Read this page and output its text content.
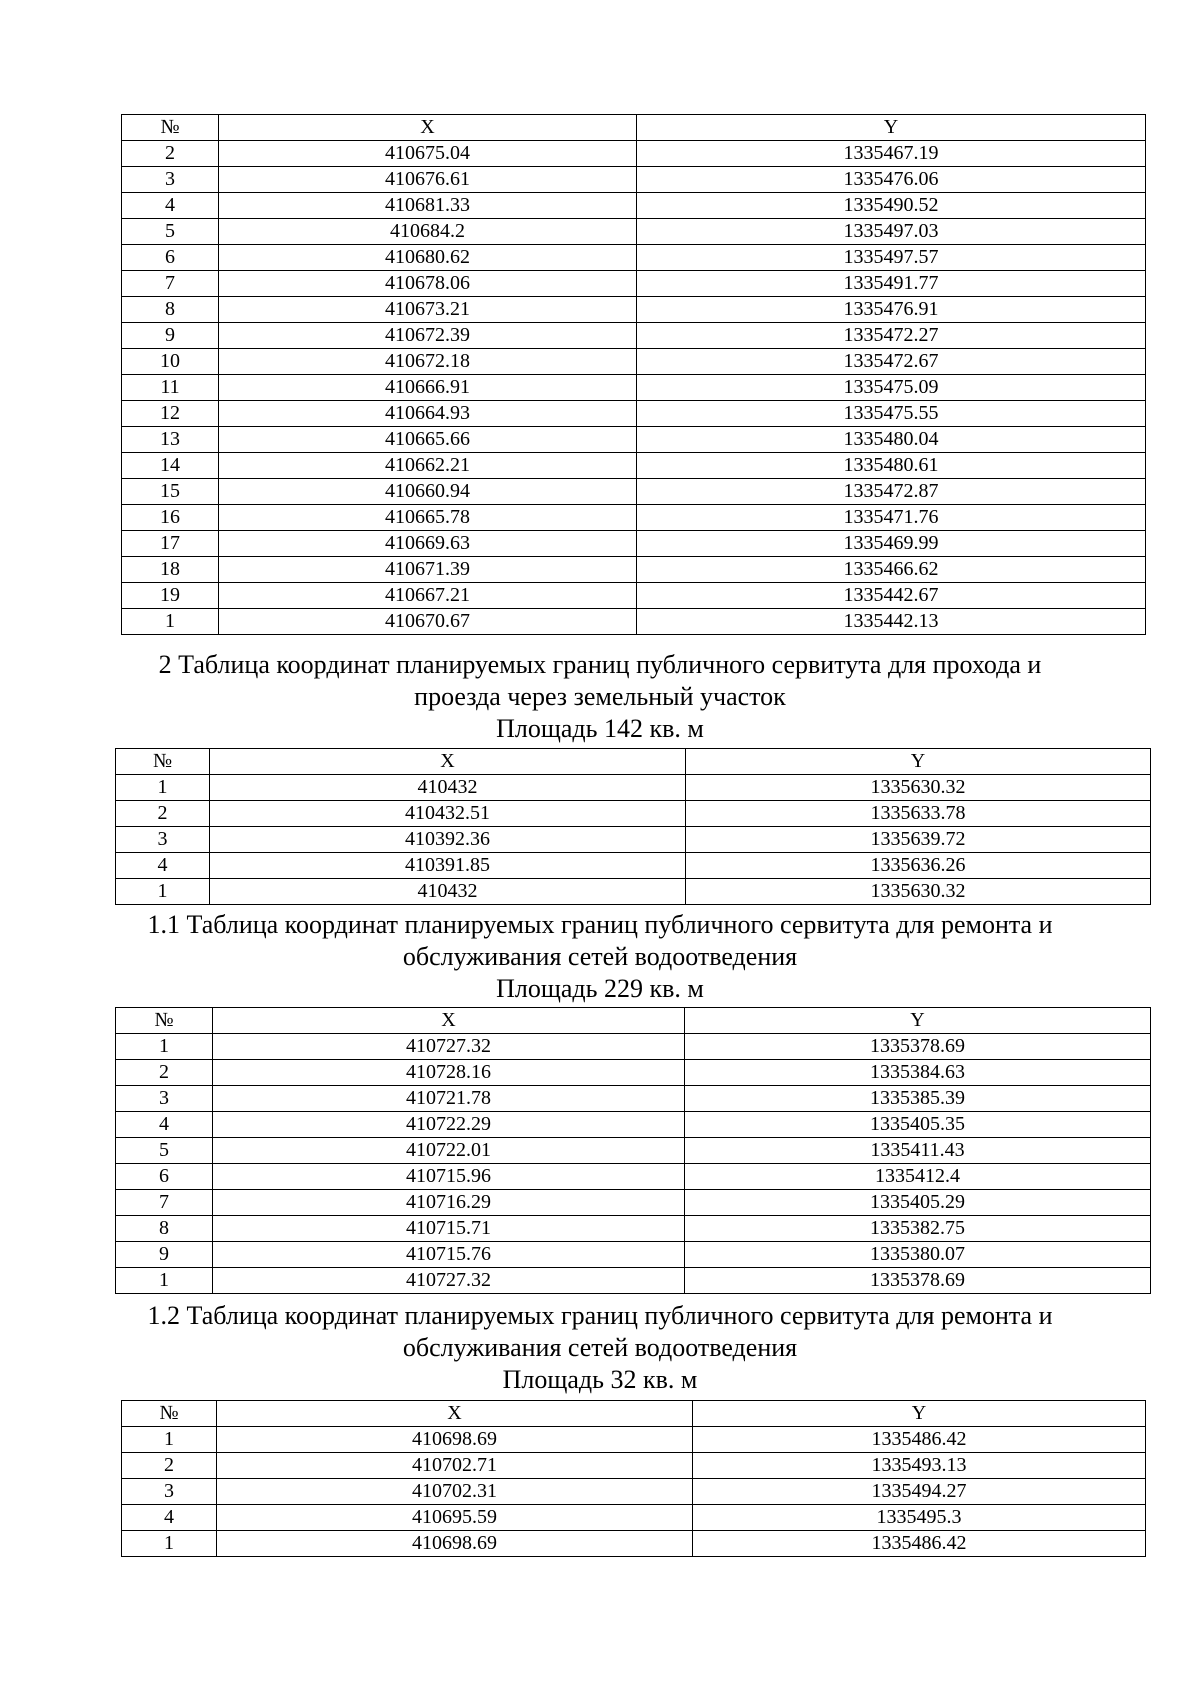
№	X	Y
2	410675.04	1335467.19
3	410676.61	1335476.06
4	410681.33	1335490.52
5	410684.2	1335497.03
6	410680.62	1335497.57
7	410678.06	1335491.77
8	410673.21	1335476.91
9	410672.39	1335472.27
10	410672.18	1335472.67
11	410666.91	1335475.09
12	410664.93	1335475.55
13	410665.66	1335480.04
14	410662.21	1335480.61
15	410660.94	1335472.87
16	410665.78	1335471.76
17	410669.63	1335469.99
18	410671.39	1335466.62
19	410667.21	1335442.67
1	410670.67	1335442.13
2 Таблица координат планируемых границ публичного сервитута для прохода и
проезда через земельный участок
Площадь 142 кв. м
№	X	Y
1	410432	1335630.32
2	410432.51	1335633.78
3	410392.36	1335639.72
4	410391.85	1335636.26
1	410432	1335630.32
1.1 Таблица координат планируемых границ публичного сервитута для ремонта и
обслуживания сетей водоотведения
Площадь 229 кв. м
№	X	Y
1	410727.32	1335378.69
2	410728.16	1335384.63
3	410721.78	1335385.39
4	410722.29	1335405.35
5	410722.01	1335411.43
6	410715.96	1335412.4
7	410716.29	1335405.29
8	410715.71	1335382.75
9	410715.76	1335380.07
1	410727.32	1335378.69
1.2 Таблица координат планируемых границ публичного сервитута для ремонта и
обслуживания сетей водоотведения
Площадь 32 кв. м
№	X	Y
1	410698.69	1335486.42
2	410702.71	1335493.13
3	410702.31	1335494.27
4	410695.59	1335495.3
1	410698.69	1335486.42
